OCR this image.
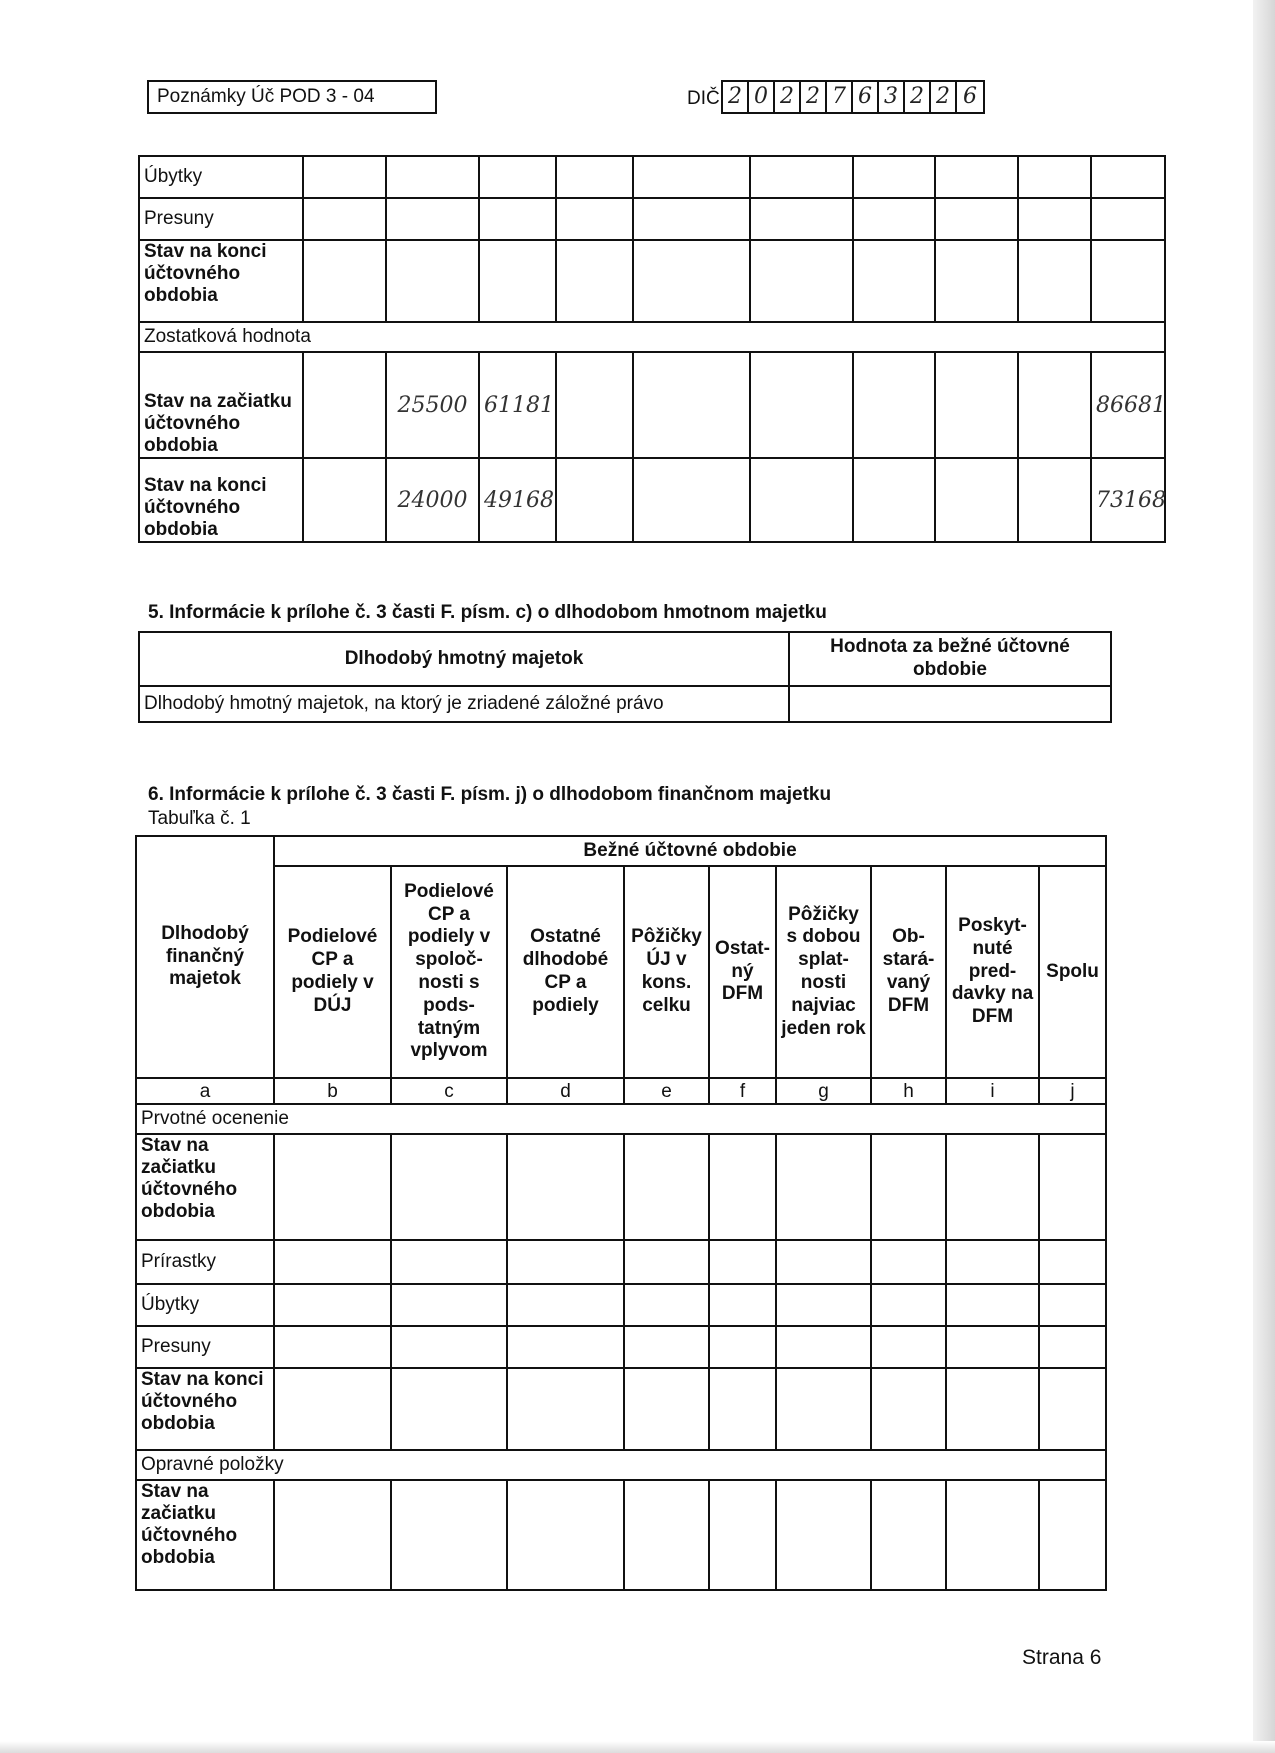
Poznámky Úč POD 3 - 04	DIČ 2 0 2 2 7 6 3 2 2 6
Úbytky										
Presuny										
Stav na konci účtovného obdobia										
Zostatková hodnota										
Stav na začiatku účtovného obdobia		25500	61181							86681
Stav na konci účtovného obdobia		24000	49168							73168
5. Informácie k prílohe č. 3 časti F. písm. c) o dlhodobom hmotnom majetku
Dlhodobý hmotný majetok	Hodnota za bežné účtovné obdobie
Dlhodobý hmotný majetok, na ktorý je zriadené záložné právo	
6. Informácie k prílohe č. 3 časti F. písm. j) o dlhodobom finančnom majetku
Tabuľka č. 1
Dlhodobý finančný majetok	Bežné účtovné obdobie								
	Podielové CP a podiely v DÚJ	Podielové CP a podiely v spoloč- nosti s pods- tatným vplyvom	Ostatné dlhodobé CP a podiely	Pôžičky ÚJ v kons. celku	Ostat- ný DFM	Pôžičky s dobou splat- nosti najviac jeden rok	Ob- stará- vaný DFM	Poskyt- nuté pred- davky na DFM	Spolu
a	b	c	d	e	f	g	h	i	j
Prvotné ocenenie									
Stav na začiatku účtovného obdobia									
Prírastky									
Úbytky									
Presuny									
Stav na konci účtovného obdobia									
Opravné položky									
Stav na začiatku účtovného obdobia									
Strana 6
